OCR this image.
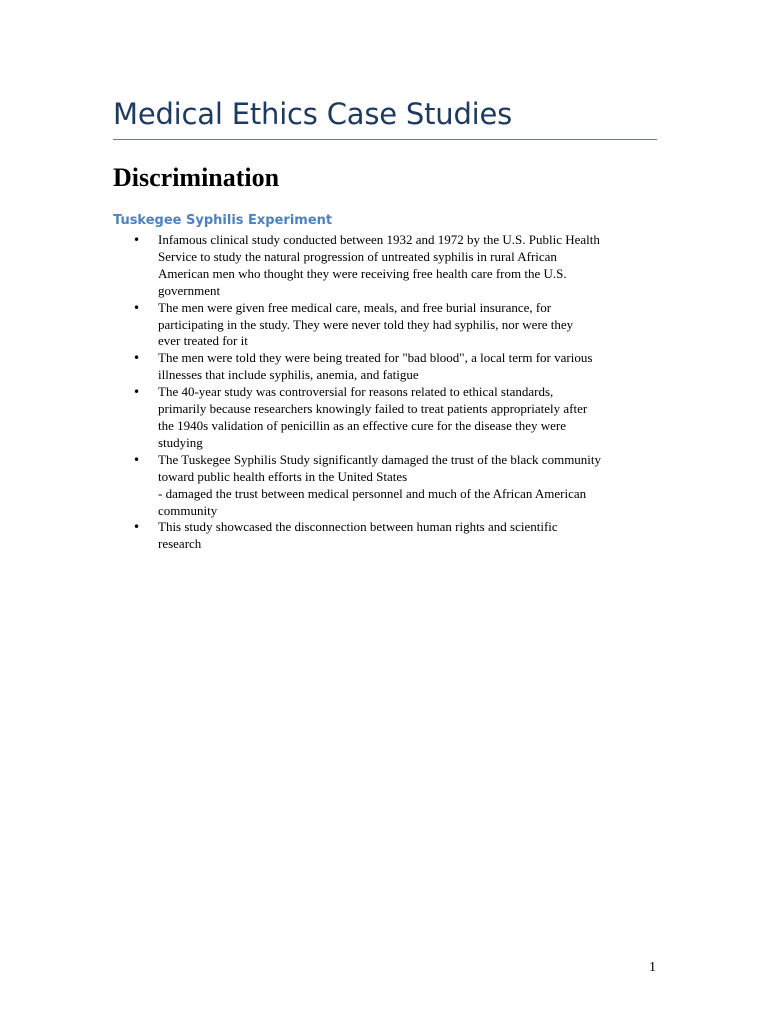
Medical Ethics Case Studies
Discrimination
Tuskegee Syphilis Experiment
•	Infamous clinical study conducted between 1932 and 1972 by the U.S. Public Health
Service to study the natural progression of untreated syphilis in rural African
American men who thought they were receiving free health care from the U.S.
government
•	The men were given free medical care, meals, and free burial insurance, for
participating in the study. They were never told they had syphilis, nor were they
ever treated for it
•	The men were told they were being treated for "bad blood", a local term for various
illnesses that include syphilis, anemia, and fatigue
•	The 40-year study was controversial for reasons related to ethical standards,
primarily because researchers knowingly failed to treat patients appropriately after
the 1940s validation of penicillin as an effective cure for the disease they were
studying
•	The Tuskegee Syphilis Study significantly damaged the trust of the black community
toward public health efforts in the United States
- damaged the trust between medical personnel and much of the African American
community
•	This study showcased the disconnection between human rights and scientific
research
1
